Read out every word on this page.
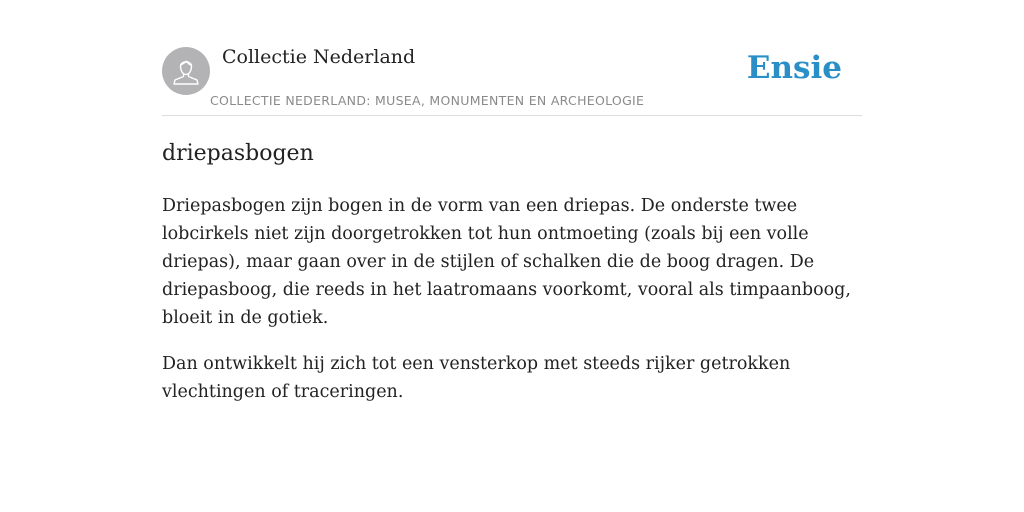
Collectie Nederland
COLLECTIE NEDERLAND: MUSEA, MONUMENTEN EN ARCHEOLOGIE
Ensie
driepasbogen

Driepasbogen zijn bogen in de vorm van een driepas. De onderste twee lobcirkels niet zijn doorgetrokken tot hun ontmoeting (zoals bij een volle driepas), maar gaan over in de stijlen of schalken die de boog dragen. De driepasboog, die reeds in het laatromaans voorkomt, vooral als timpaanboog, bloeit in de gotiek.

Dan ontwikkelt hij zich tot een vensterkop met steeds rijker getrokken vlechtingen of traceringen.
